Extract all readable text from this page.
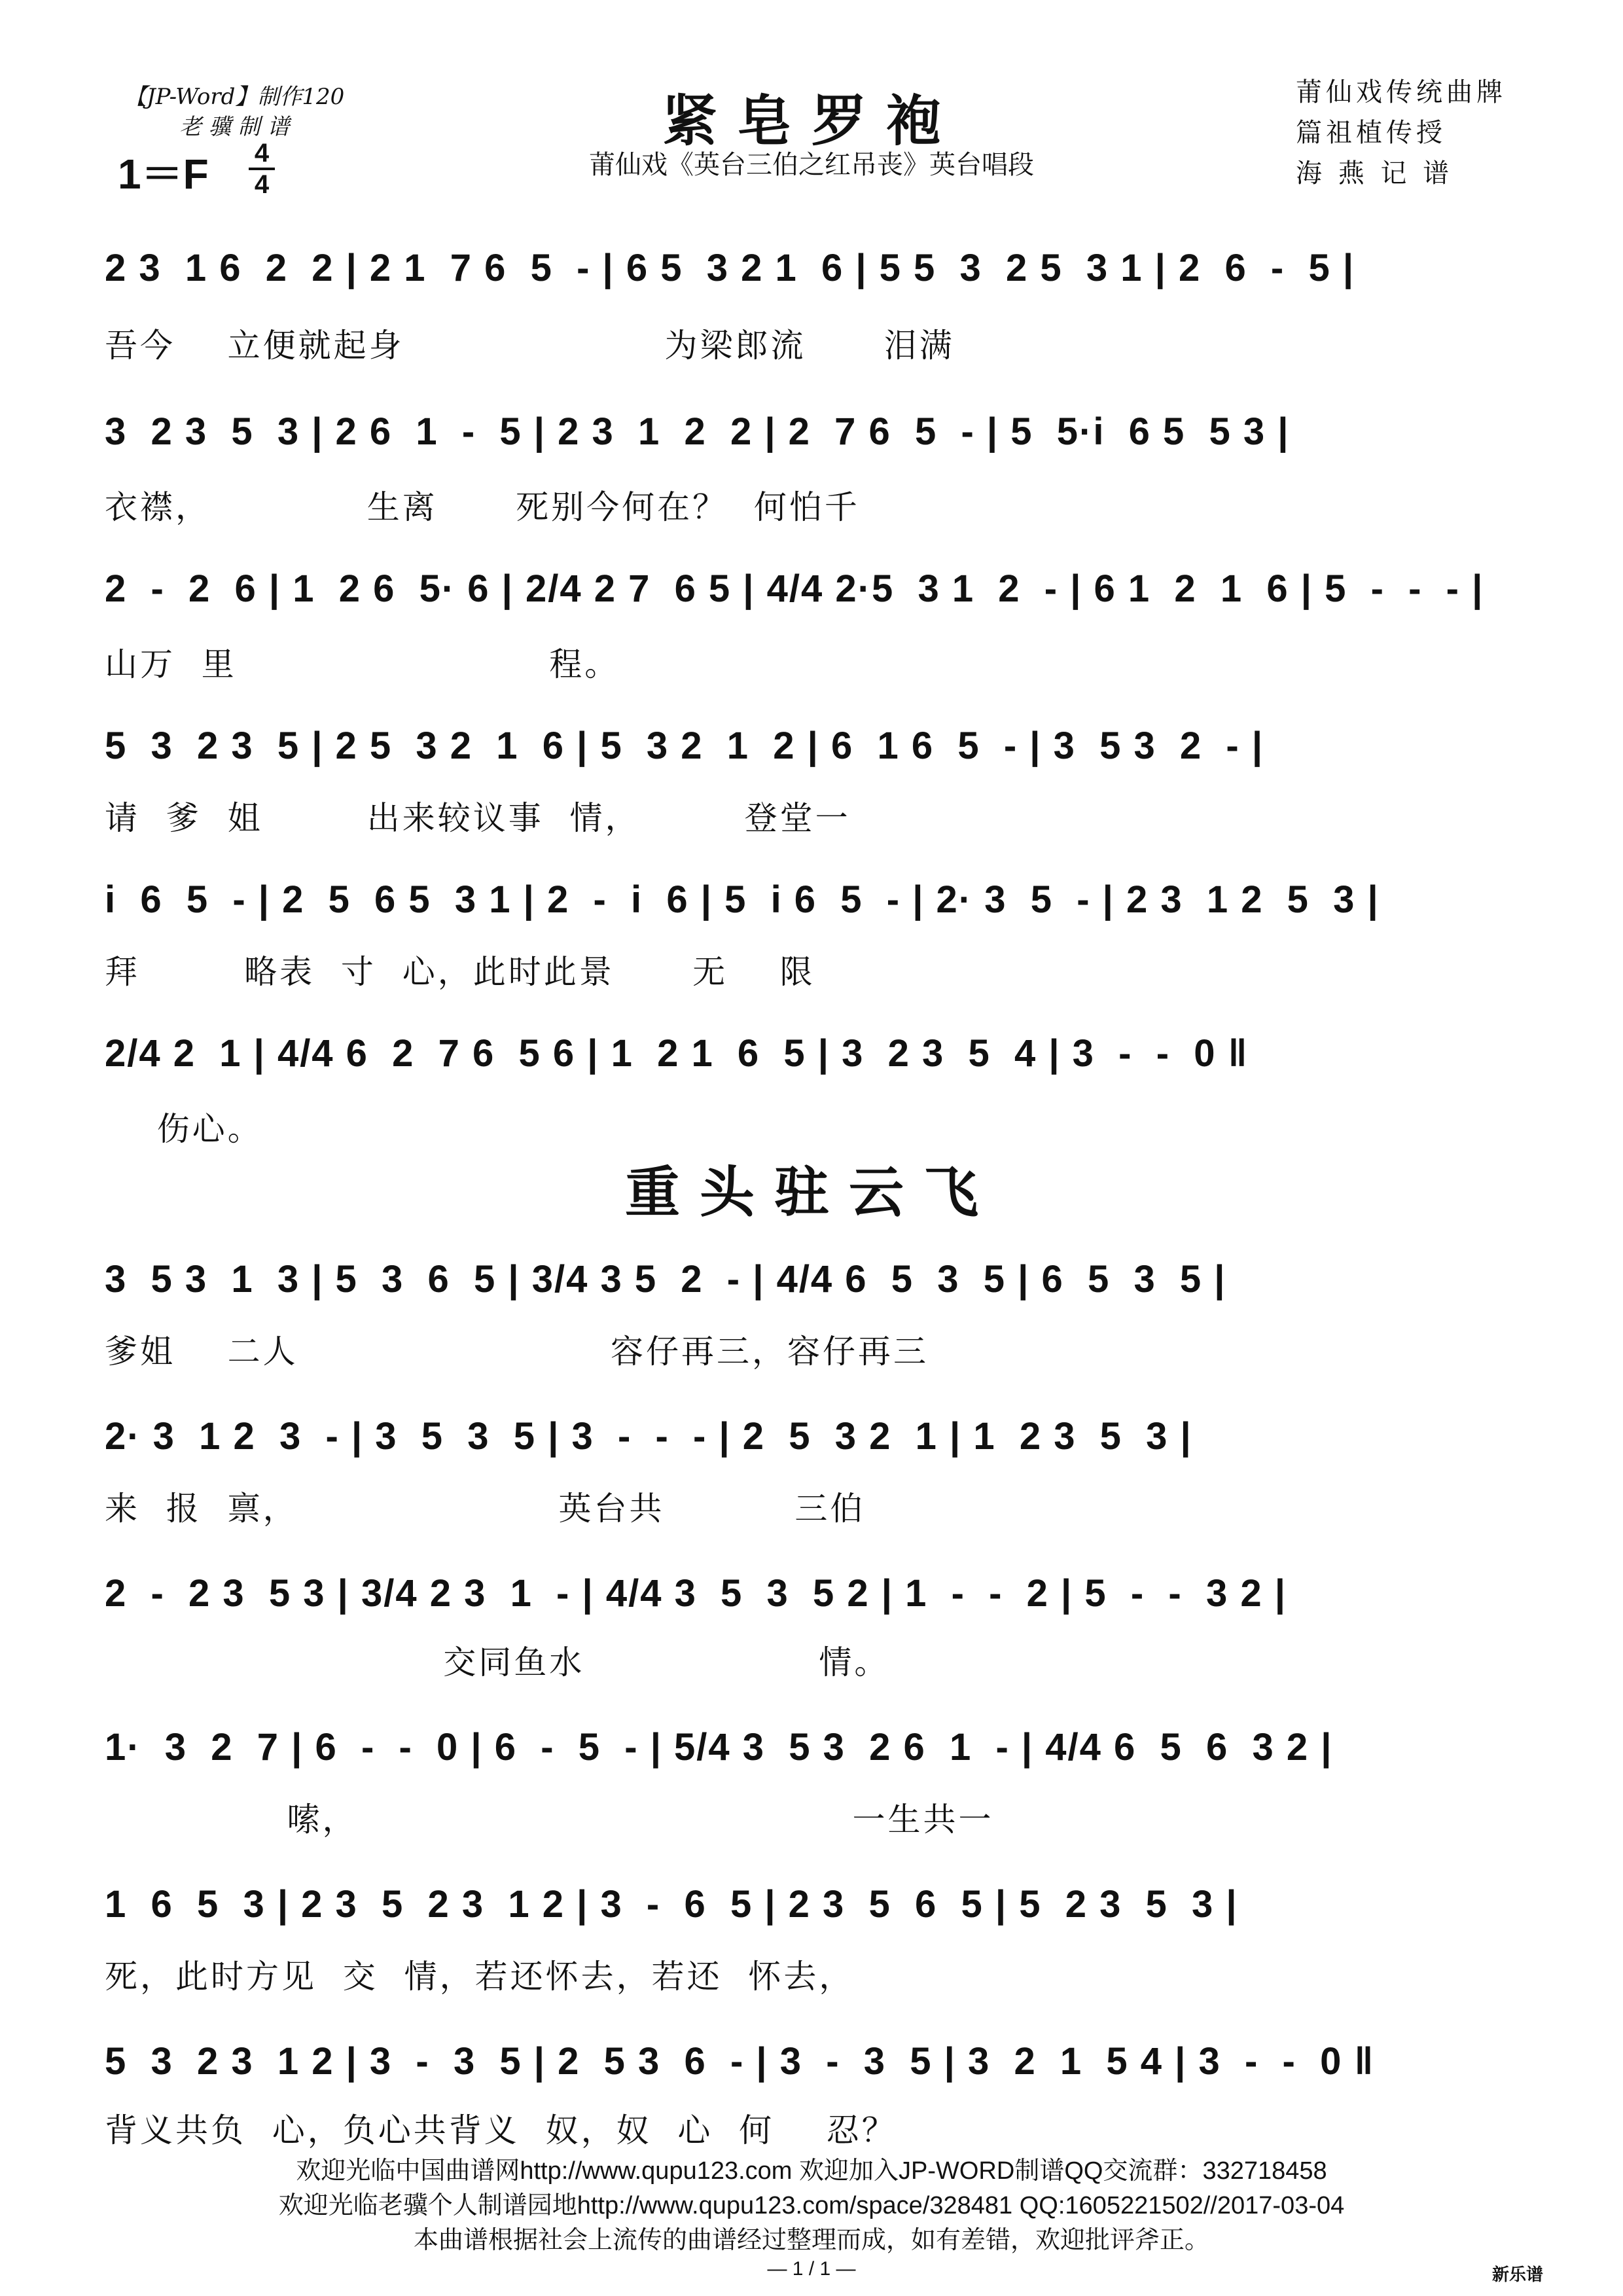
【JP-Word】制作120
老 骥 制 谱
1＝F 4
4
紧皂罗袍
莆仙戏《英台三伯之红吊丧》英台唱段
莆仙戏传统曲牌
篇祖植传授
海 燕 记 谱
2 3  1 6  2  2 | 2 1  7 6  5  - | 6 5  3 2 1  6 | 5 5  3  2 5  3 1 | 2  6  -  5 |
吾今    立便就起身                    为梁郎流      泪满
3  2 3  5  3 | 2 6  1  -  5 | 2 3  1  2  2 | 2  7 6  5  - | 5  5·i  6 5  5 3 |
衣襟，            生离      死别今何在？  何怕千
2  -  2  6 | 1  2 6  5· 6 | 2/4 2 7  6 5 | 4/4 2·5  3 1  2  - | 6 1  2  1  6 | 5  -  -  - |
山万  里                        程。
5  3  2 3  5 | 2 5  3 2  1  6 | 5  3 2  1  2 | 6  1 6  5  - | 3  5 3  2  - |
请  爹  姐        出来较议事  情，        登堂一
i  6  5  - | 2  5  6 5  3 1 | 2  -  i  6 | 5  i 6  5  - | 2· 3  5  - | 2 3  1 2  5  3 |
拜        略表  寸  心，此时此景      无    限
2/4 2  1 | 4/4 6  2  7 6  5 6 | 1  2 1  6  5 | 3  2 3  5  4 | 3  -  -  0 ‖
伤心。
重头驻云飞
3  5 3  1  3 | 5  3  6  5 | 3/4 3 5  2  - | 4/4 6  5  3  5 | 6  5  3  5 |
爹姐    二人                        容仔再三，容仔再三
2· 3  1 2  3  - | 3  5  3  5 | 3  -  -  - | 2  5  3 2  1 | 1  2 3  5  3 |
来  报  禀，                    英台共          三伯
2  -  2 3  5 3 | 3/4 2 3  1  - | 4/4 3  5  3  5 2 | 1  -  -  2 | 5  -  -  3 2 |
交同鱼水                  情。
1·  3  2  7 | 6  -  -  0 | 6  -  5  - | 5/4 3  5 3  2 6  1  - | 4/4 6  5  6  3 2 |
嗦，                                      一生共一
1  6  5  3 | 2 3  5  2 3  1 2 | 3  -  6  5 | 2 3  5  6  5 | 5  2 3  5  3 |
死，此时方见  交  情，若还怀去，若还  怀去，
5  3  2 3  1 2 | 3  -  3  5 | 2  5 3  6  - | 3  -  3  5 | 3  2  1  5 4 | 3  -  -  0 ‖
背义共负  心，负心共背义  奴，奴  心  何    忍？
欢迎光临中国曲谱网http://www.qupu123.com 欢迎加入JP-WORD制谱QQ交流群：332718458
欢迎光临老骥个人制谱园地http://www.qupu123.com/space/328481 QQ:1605221502//2017-03-04
本曲谱根据社会上流传的曲谱经过整理而成，如有差错，欢迎批评斧正。
— 1 / 1 —	新乐谱
